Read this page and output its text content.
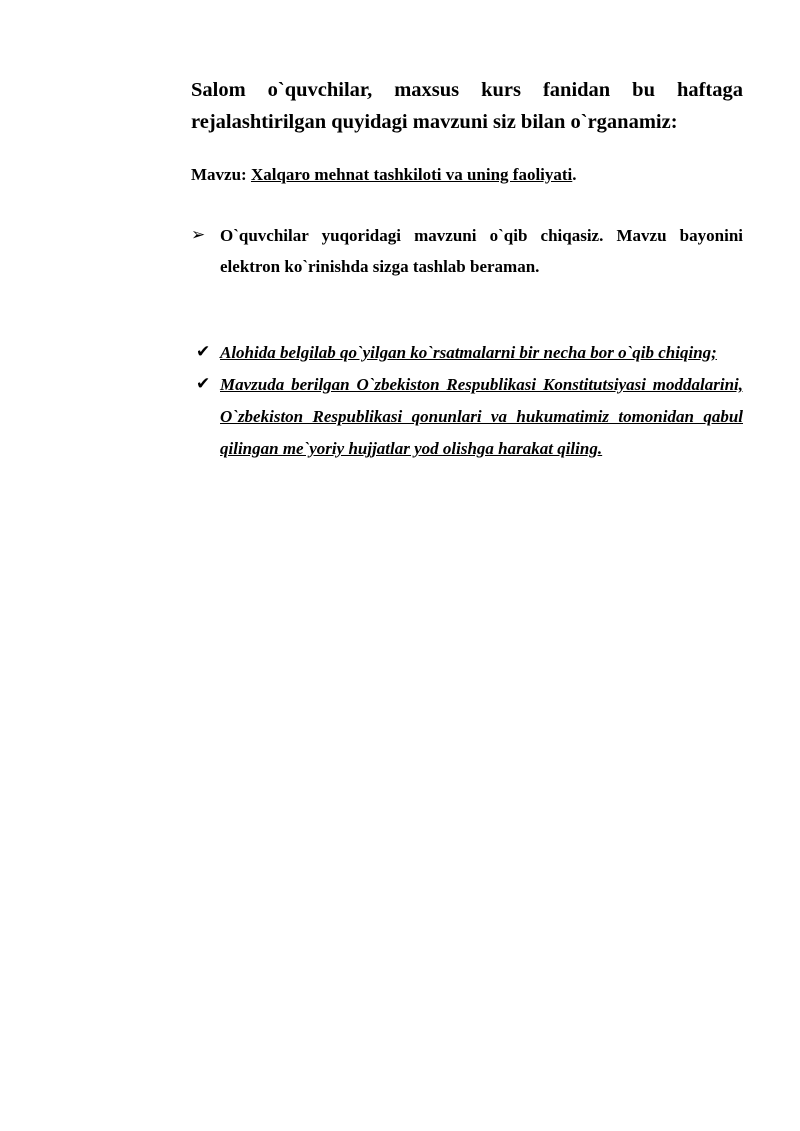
Salom o`quvchilar, maxsus kurs fanidan bu haftaga rejalashtirilgan quyidagi mavzuni siz bilan o`rganamiz:

Mavzu: Xalqaro mehnat tashkiloti va uning faoliyati.

➢ O`quvchilar yuqoridagi mavzuni o`qib chiqasiz. Mavzu bayonini elektron ko`rinishda sizga tashlab beraman.
✔ Alohida belgilab qo`yilgan ko`rsatmalarni bir necha bor o`qib chiqing;
✔ Mavzuda berilgan O`zbekiston Respublikasi Konstitutsiyasi moddalarini, O`zbekiston Respublikasi qonunlari va hukumatimiz tomonidan qabul qilingan me`yoriy hujjatlar yod olishga harakat qiling.
